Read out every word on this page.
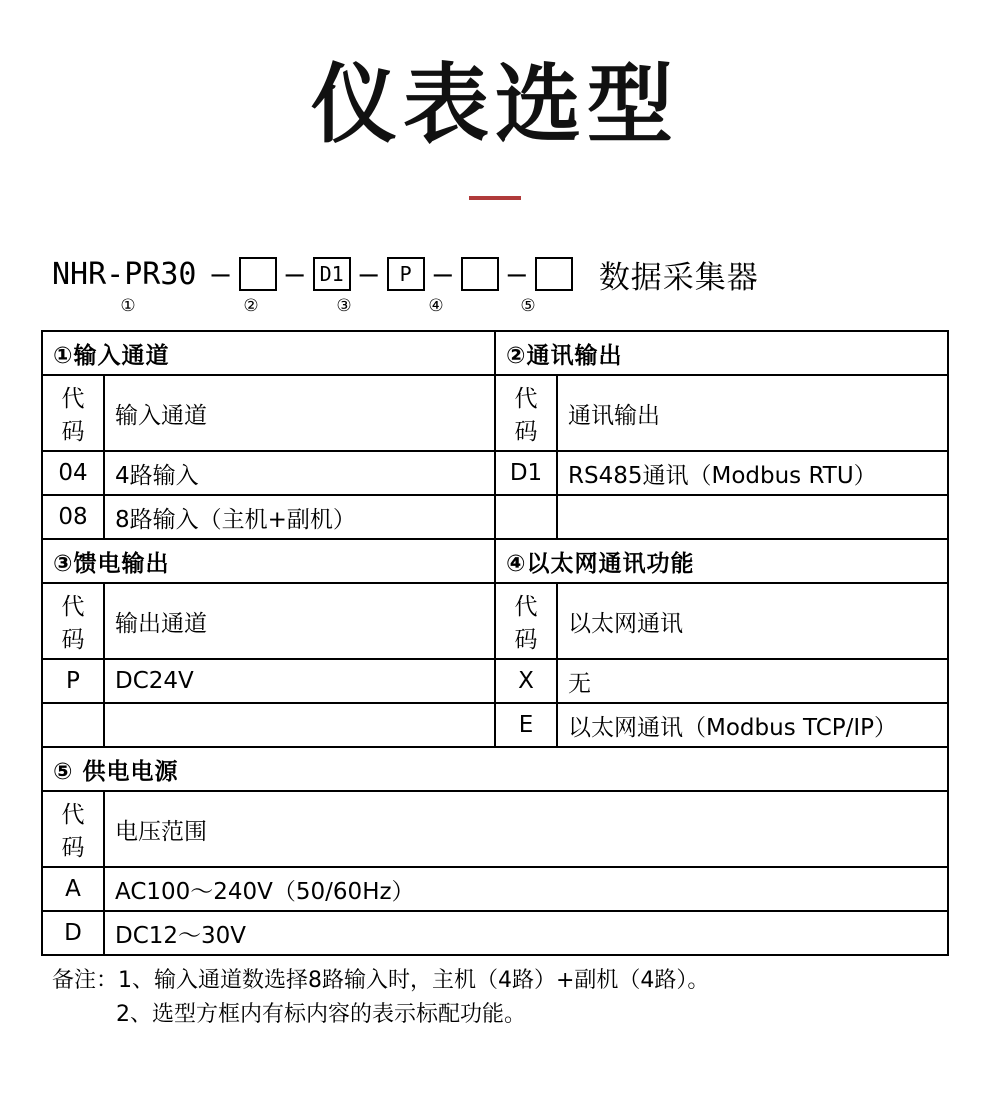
仪表选型
NHR-PR30 — — D1 —	P — — 数据采集器
①	②	③	④	⑤
①输入通道		②通讯输出	
代码	输入通道	代码	通讯输出
04	4路输入	D1	RS485通讯（Modbus RTU）
08	8路输入（主机+副机）		
③馈电输出		④以太网通讯功能	
代码	输出通道	代码	以太网通讯
P	DC24V	X	无
		E	以太网通讯（Modbus TCP/IP）
⑤ 供电电源			
代码	电压范围		
A	AC100～240V（50/60Hz）		
D	DC12～30V		
备注：1、输入通道数选择8路输入时，主机（4路）+副机（4路）。
2、选型方框内有标内容的表示标配功能。
